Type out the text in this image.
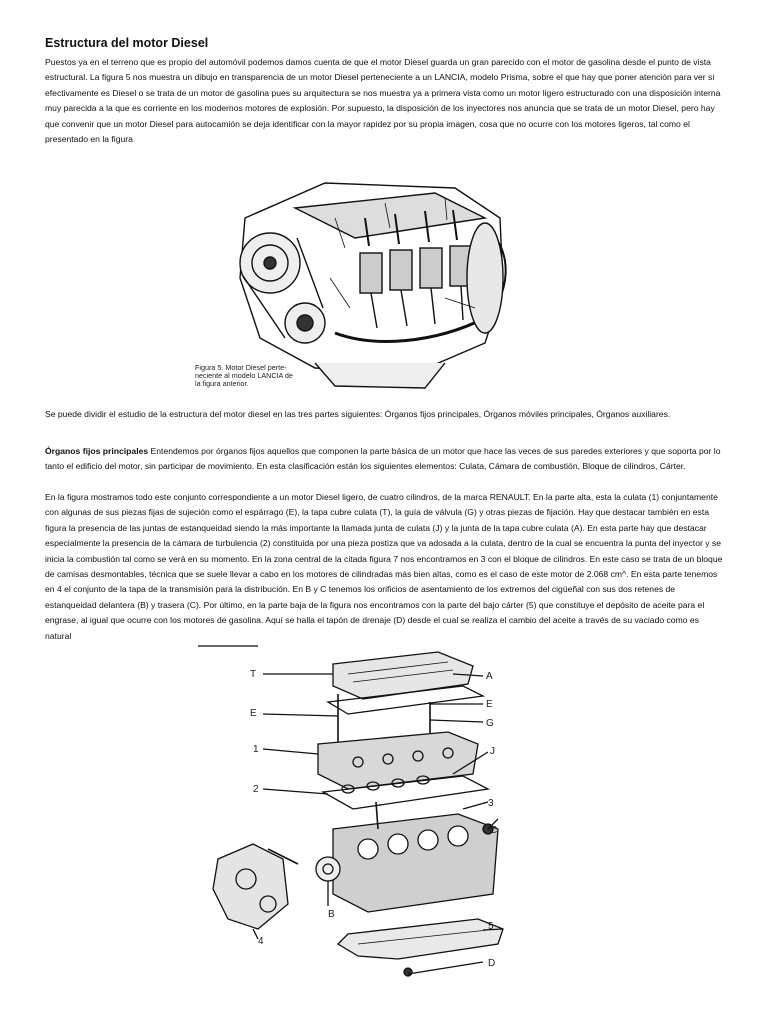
Estructura del motor Diesel

Puestos ya en el terreno que es propio del automóvil podemos damos cuenta de que el motor Diesel guarda un gran parecido con el motor de gasolina desde el punto de vista estructural. La figura 5 nos muestra un dibujo en transparencia de un motor Diesel perteneciente a un LANCIA, modelo Prisma, sobre el que hay que poner atención para ver si efectivamente es Diesel o se trata de un motor de gasolina pues su arquitectura se nos muestra ya a primera vista como un motor ligero estructurado con una disposición interna muy parecida a la que es corriente en los modernos motores de explosión. Por supuesto, la disposición de los inyectores nos anuncia que se trata de un motor Diesel, pero hay que convenir que un motor Diesel para autocamión se deja identificar con la mayor rapidez por su propia imagen, cosa que no ocurre con los motores ligeros, tal como el presentado en la figura

Figura 5. Motor Diesel perte-
neciente al modelo LANCIA de
la figura anterior.

Se puede dividir el estudio de la estructura del motor diesel en las tres partes siguientes: Órganos fijos principales, Órganos móviles principales, Órganos auxiliares.

Órganos fijos principales Entendemos por órganos fijos aquellos que componen la parte básica de un motor que hace las veces de sus paredes exteriores y que soporta por lo tanto el edificio del motor, sin participar de movimiento. En esta clasificación están los siguientes elementos: Culata, Cámara de combustión, Bloque de cilindros, Cárter.

En la figura mostramos todo este conjunto correspondiente a un motor Diesel ligero, de cuatro cilindros, de la marca RENAULT. En la parte alta, esta la culata (1) conjuntamente con algunas de sus piezas fijas de sujeción como el espárrago (E), la tapa cubre culata (T), la guía de válvula (G) y otras piezas de fijación. Hay que destacar también en esta figura la presencia de las juntas de estanqueidad siendo la más importante la llamada junta de culata (J) y la junta de la tapa cubre culata (A). En esta parte hay que destacar especialmente la presencia de la cámara de turbulencia (2) constituida por una pieza postiza que va adosada a la culata, dentro de la cual se encuentra la punta del inyector y se inicia la combustión tal como se verá en su momento. En la zona central de la citada figura 7 nos encontramos en 3 con el bloque de cilindros. En este caso se trata de un bloque de camisas desmontables, técnica que se suele llevar a cabo en los motores de cilindradas más bien altas, como es el caso de este motor de 2.068 cm^. En esta parte tenemos en 4 el conjunto de la tapa de la transmisión para la distribución. En B y C tenemos los orificios de asentamiento de los extremos del cigüeñal con sus dos retenes de estanqueidad delantera (B) y trasera (C). Por último, en la parte baja de la figura nos encontramos con la parte del bajo cárter (5) que constituye el depósito de aceite para el engrase, al igual que ocurre con los motores de gasolina. Aquí se halla el tapón de drenaje (D) desde el cual se realiza el cambio del aceite a través de su vaciado como es natural

T	A
E
E
G
1	J
2
3
C
4
B
5
D
